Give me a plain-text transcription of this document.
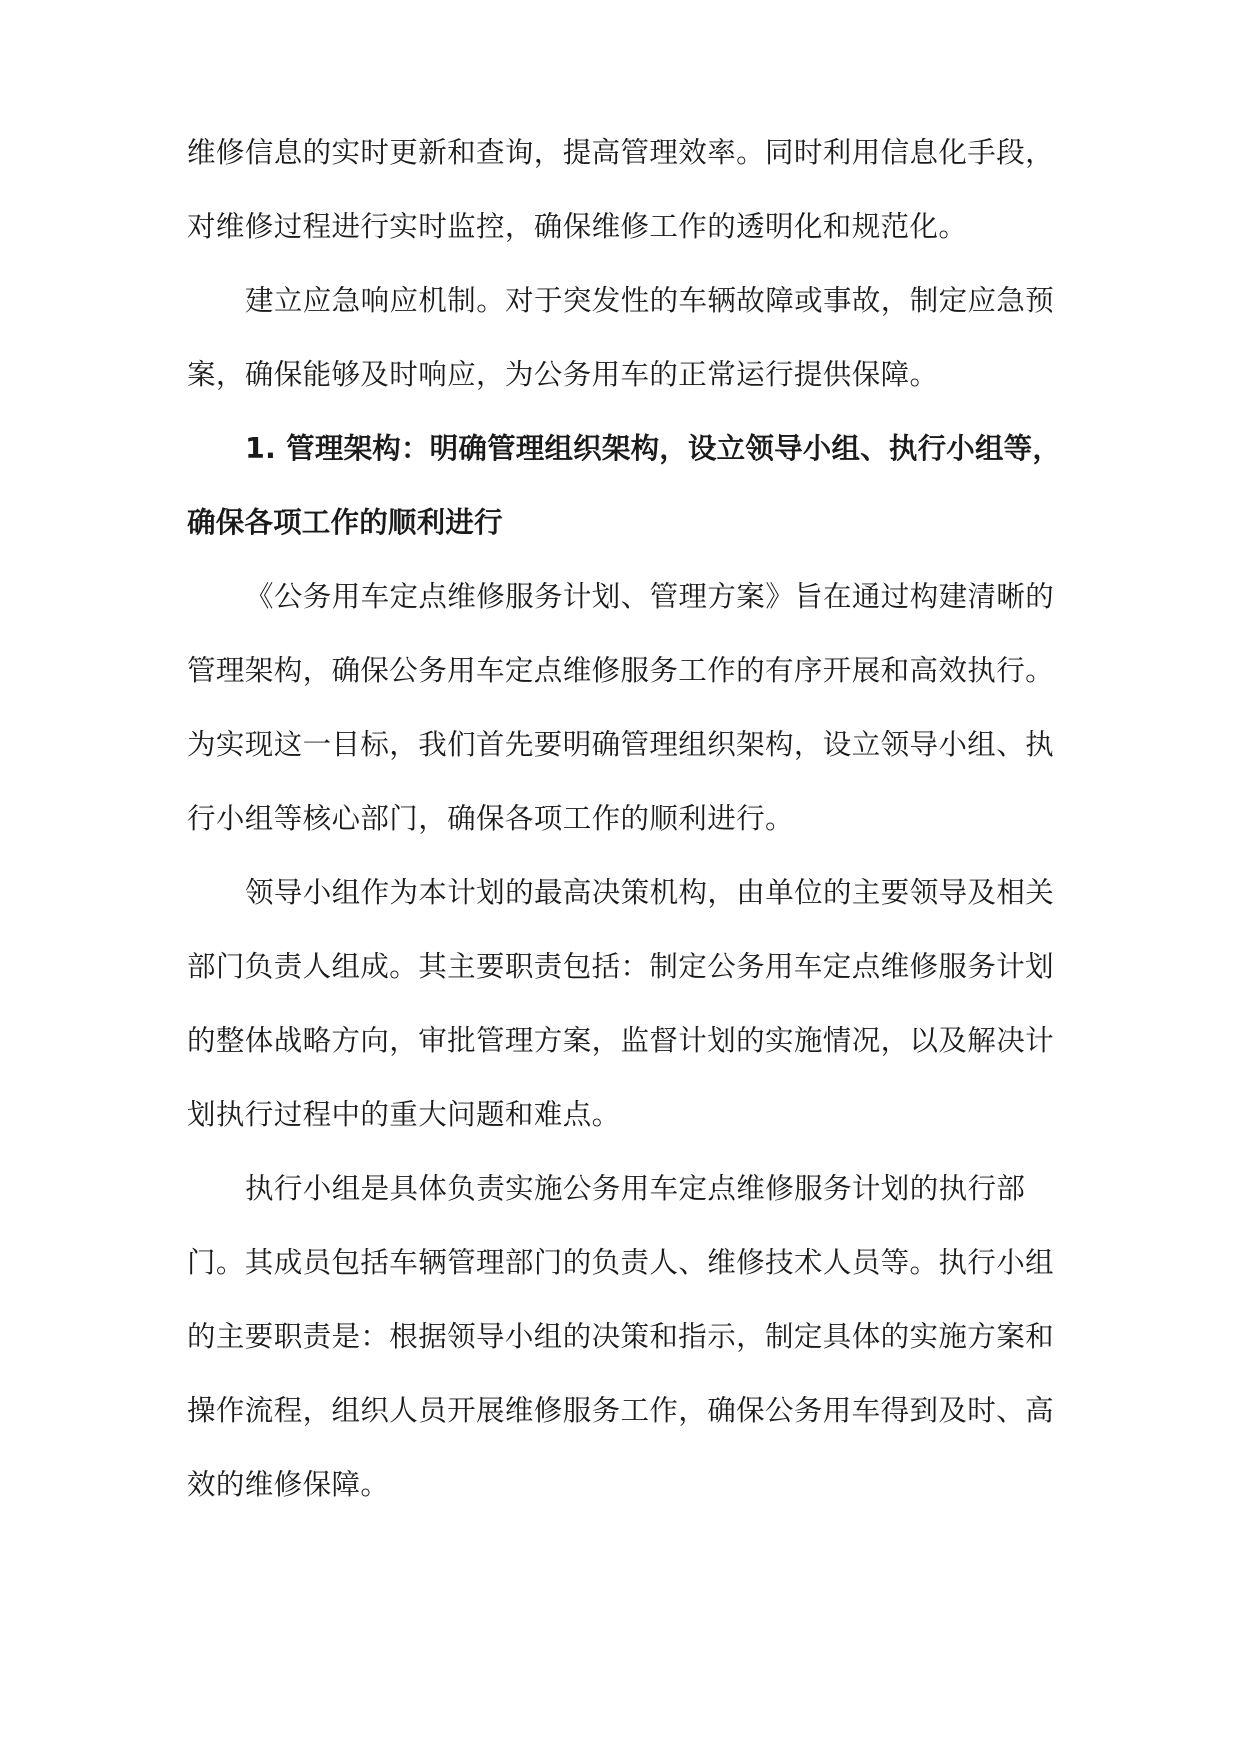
维修信息的实时更新和查询，提高管理效率。同时利用信息化手段，
对维修过程进行实时监控，确保维修工作的透明化和规范化。
建立应急响应机制。对于突发性的车辆故障或事故，制定应急预
案，确保能够及时响应，为公务用车的正常运行提供保障。
1. 管理架构：明确管理组织架构，设立领导小组、执行小组等，
确保各项工作的顺利进行
《公务用车定点维修服务计划、管理方案》旨在通过构建清晰的
管理架构，确保公务用车定点维修服务工作的有序开展和高效执行。
为实现这一目标，我们首先要明确管理组织架构，设立领导小组、执
行小组等核心部门，确保各项工作的顺利进行。
领导小组作为本计划的最高决策机构，由单位的主要领导及相关
部门负责人组成。其主要职责包括：制定公务用车定点维修服务计划
的整体战略方向，审批管理方案，监督计划的实施情况，以及解决计
划执行过程中的重大问题和难点。
执行小组是具体负责实施公务用车定点维修服务计划的执行部
门。其成员包括车辆管理部门的负责人、维修技术人员等。执行小组
的主要职责是：根据领导小组的决策和指示，制定具体的实施方案和
操作流程，组织人员开展维修服务工作，确保公务用车得到及时、高
效的维修保障。
